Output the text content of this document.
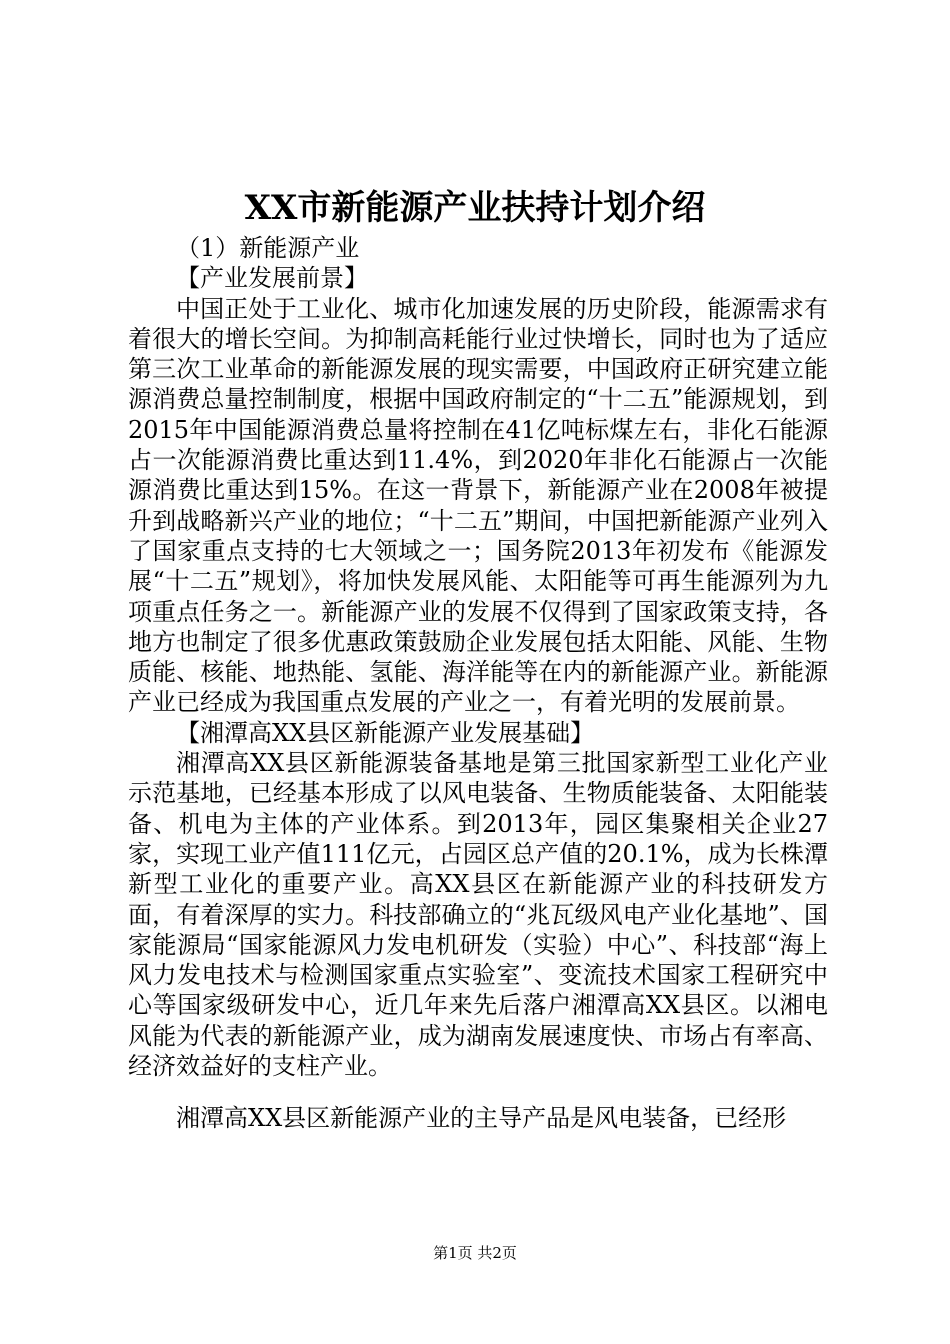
XX市新能源产业扶持计划介绍

（1）新能源产业

【产业发展前景】

中国正处于工业化、城市化加速发展的历史阶段，能源需求有着很大的增长空间。为抑制高耗能行业过快增长，同时也为了适应第三次工业革命的新能源发展的现实需要，中国政府正研究建立能源消费总量控制制度，根据中国政府制定的“十二五”能源规划，到2015年中国能源消费总量将控制在41亿吨标煤左右，非化石能源占一次能源消费比重达到11.4%，到2020年非化石能源占一次能源消费比重达到15%。在这一背景下，新能源产业在2008年被提升到战略新兴产业的地位；“十二五”期间，中国把新能源产业列入了国家重点支持的七大领域之一；国务院2013年初发布《能源发展“十二五”规划》，将加快发展风能、太阳能等可再生能源列为九项重点任务之一。新能源产业的发展不仅得到了国家政策支持，各地方也制定了很多优惠政策鼓励企业发展包括太阳能、风能、生物质能、核能、地热能、氢能、海洋能等在内的新能源产业。新能源产业已经成为我国重点发展的产业之一，有着光明的发展前景。

【湘潭高XX县区新能源产业发展基础】

湘潭高XX县区新能源装备基地是第三批国家新型工业化产业示范基地，已经基本形成了以风电装备、生物质能装备、太阳能装备、机电为主体的产业体系。到2013年，园区集聚相关企业27家，实现工业产值111亿元，占园区总产值的20.1%，成为长株潭新型工业化的重要产业。高XX县区在新能源产业的科技研发方面，有着深厚的实力。科技部确立的“兆瓦级风电产业化基地”、国家能源局“国家能源风力发电机研发（实验）中心”、科技部“海上风力发电技术与检测国家重点实验室”、变流技术国家工程研究中心等国家级研发中心，近几年来先后落户湘潭高XX县区。以湘电风能为代表的新能源产业，成为湖南发展速度快、市场占有率高、经济效益好的支柱产业。

湘潭高XX县区新能源产业的主导产品是风电装备，已经形

第1页 共2页
